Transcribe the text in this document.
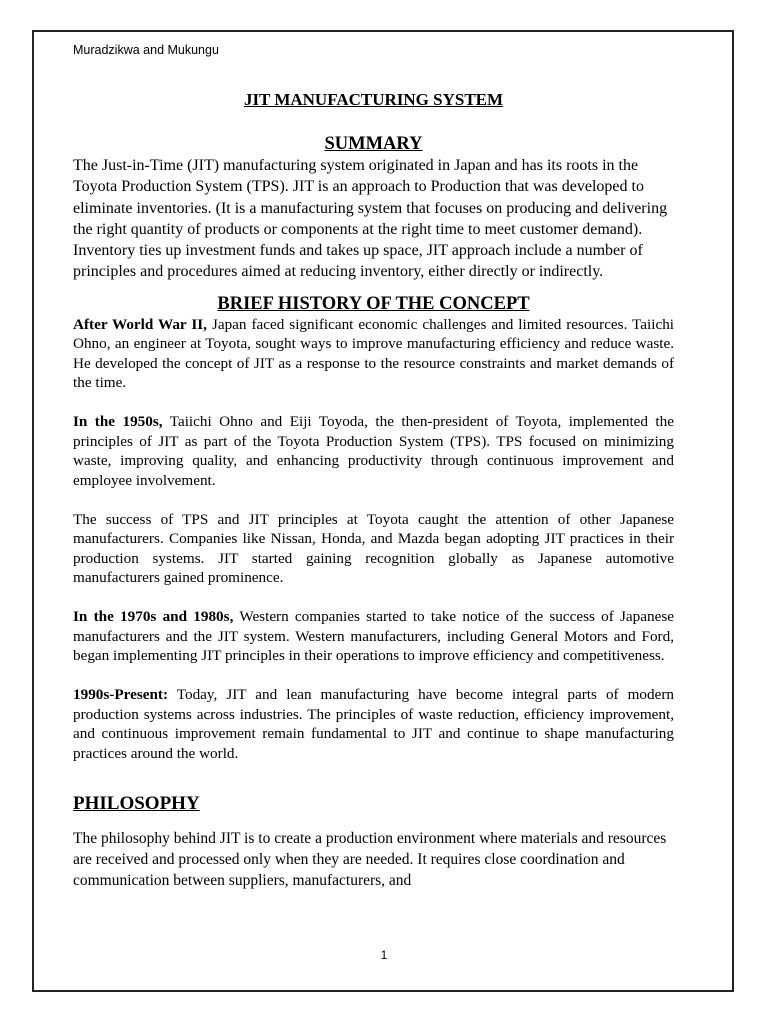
Muradzikwa and Mukungu

JIT MANUFACTURING SYSTEM
SUMMARY

The Just-in-Time (JIT) manufacturing system originated in Japan and has its roots in the Toyota Production System (TPS). JIT is an approach to Production that was developed to eliminate inventories. (It is a manufacturing system that focuses on producing and delivering the right quantity of products or components at the right time to meet customer demand). Inventory ties up investment funds and takes up space, JIT approach include a number of principles and procedures aimed at reducing inventory, either directly or indirectly.

BRIEF HISTORY OF THE CONCEPT

After World War II, Japan faced significant economic challenges and limited resources. Taiichi Ohno, an engineer at Toyota, sought ways to improve manufacturing efficiency and reduce waste. He developed the concept of JIT as a response to the resource constraints and market demands of the time.

In the 1950s, Taiichi Ohno and Eiji Toyoda, the then-president of Toyota, implemented the principles of JIT as part of the Toyota Production System (TPS). TPS focused on minimizing waste, improving quality, and enhancing productivity through continuous improvement and employee involvement.

The success of TPS and JIT principles at Toyota caught the attention of other Japanese manufacturers. Companies like Nissan, Honda, and Mazda began adopting JIT practices in their production systems. JIT started gaining recognition globally as Japanese automotive manufacturers gained prominence.

In the 1970s and 1980s, Western companies started to take notice of the success of Japanese manufacturers and the JIT system. Western manufacturers, including General Motors and Ford, began implementing JIT principles in their operations to improve efficiency and competitiveness.

1990s-Present: Today, JIT and lean manufacturing have become integral parts of modern production systems across industries. The principles of waste reduction, efficiency improvement, and continuous improvement remain fundamental to JIT and continue to shape manufacturing practices around the world.

PHILOSOPHY

The philosophy behind JIT is to create a production environment where materials and resources are received and processed only when they are needed. It requires close coordination and communication between suppliers, manufacturers, and

1
